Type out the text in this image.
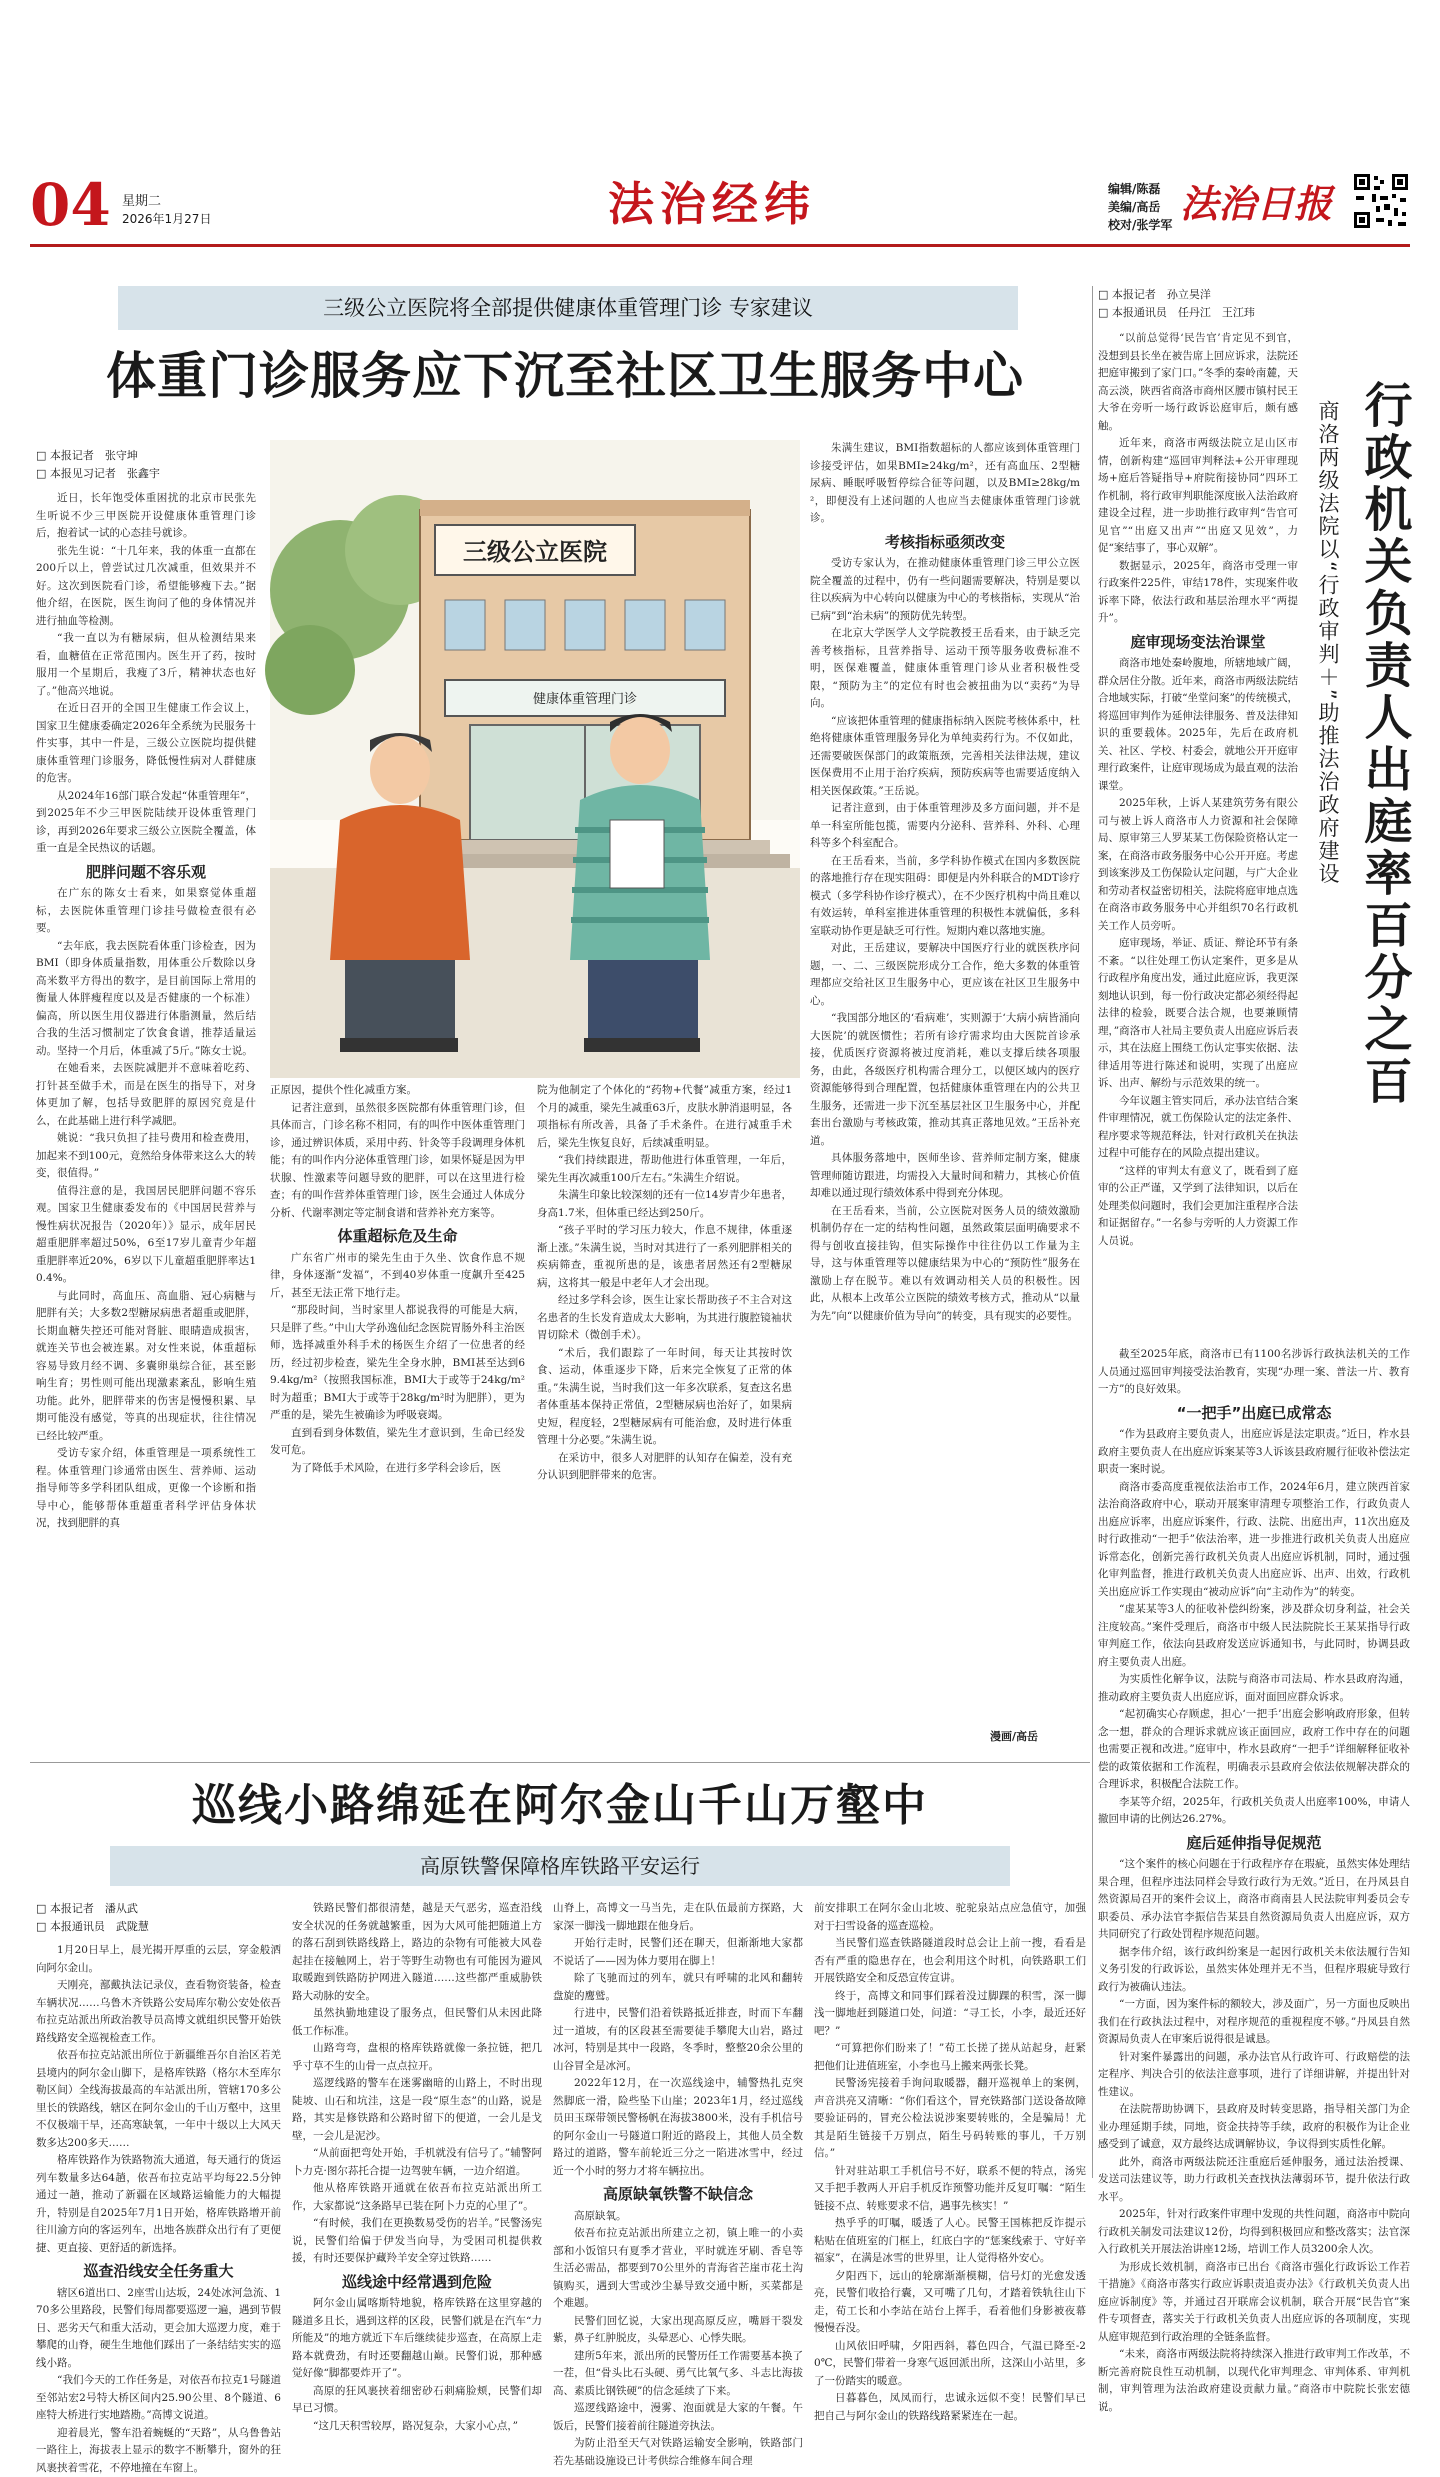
04 星期二
2026年1月27日	法治经纬	编辑/陈磊
美编/高岳
校对/张学军 法治日报
三级公立医院将全部提供健康体重管理门诊 专家建议
体重门诊服务应下沉至社区卫生服务中心
□ 本报记者　张守坤
□ 本报见习记者　张鑫宇

近日，长年饱受体重困扰的北京市民张先生听说不少三甲医院开设健康体重管理门诊后，抱着试一试的心态挂号就诊。

张先生说：“十几年来，我的体重一直都在200斤以上，曾尝试过几次减重，但效果并不好。这次到医院看门诊，希望能够瘦下去。”据他介绍，在医院，医生询问了他的身体情况并进行抽血等检测。

“我一直以为有糖尿病，但从检测结果来看，血糖值在正常范围内。医生开了药，按时服用一个星期后，我瘦了3斤，精神状态也好了。”他高兴地说。

在近日召开的全国卫生健康工作会议上，国家卫生健康委确定2026年全系统为民服务十件实事，其中一件是，三级公立医院均提供健康体重管理门诊服务，降低慢性病对人群健康的危害。

从2024年16部门联合发起“体重管理年”，到2025年不少三甲医院陆续开设体重管理门诊，再到2026年要求三级公立医院全覆盖，体重一直是全民热议的话题。

肥胖问题不容乐观

在广东的陈女士看来，如果察觉体重超标，去医院体重管理门诊挂号做检查很有必要。

“去年底，我去医院看体重门诊检查，因为BMI（即身体质量指数，用体重公斤数除以身高米数平方得出的数字，是目前国际上常用的衡量人体胖瘦程度以及是否健康的一个标准）偏高，所以医生用仪器进行体脂测量，然后结合我的生活习惯制定了饮食食谱，推荐适量运动。坚持一个月后，体重减了5斤。”陈女士说。

在她看来，去医院减肥并不意味着吃药、打针甚至做手术，而是在医生的指导下，对身体更加了解，包括导致肥胖的原因究竟是什么，在此基础上进行科学减肥。

姚说：“我只负担了挂号费用和检查费用，加起来不到100元，竟然给身体带来这么大的转变，很值得。”

值得注意的是，我国居民肥胖问题不容乐观。国家卫生健康委发布的《中国居民营养与慢性病状况报告（2020年）》显示，成年居民超重肥胖率超过50%，6至17岁儿童青少年超重肥胖率近20%，6岁以下儿童超重肥胖率达10.4%。

与此同时，高血压、高血脂、冠心病糖与肥胖有关；大多数2型糖尿病患者超重或肥胖，长期血糖失控还可能对肾脏、眼睛造成损害，就连关节也会被连累。对女性来说，体重超标容易导致月经不调、多囊卵巢综合征，甚至影响生育；男性则可能出现激素紊乱，影响生殖功能。此外，肥胖带来的伤害是慢慢积累、早期可能没有感觉，等真的出现症状，往往情况已经比较严重。

受访专家介绍，体重管理是一项系统性工程。体重管理门诊通常由医生、营养师、运动指导师等多学科团队组成，更像一个诊断和指导中心，能够帮体重超重者科学评估身体状况，找到肥胖的真

三级公立医院
健康体重管理门诊

正原因，提供个性化减重方案。

记者注意到，虽然很多医院都有体重管理门诊，但具体而言，门诊名称不相同，有的叫作中医体重管理门诊，通过辨识体质，采用中药、针灸等手段调理身体机能；有的叫作内分泌体重管理门诊，如果怀疑是因为甲状腺、性激素等问题导致的肥胖，可以在这里进行检查；有的叫作营养体重管理门诊，医生会通过人体成分分析、代谢率测定等定制食谱和营养补充方案等。

体重超标危及生命

广东省广州市的梁先生由于久坐、饮食作息不规律，身体逐渐“发福”，不到40岁体重一度飙升至425斤，甚至无法正常下地行走。

“那段时间，当时家里人都说我得的可能是大病，只是胖了些。”中山大学孙逸仙纪念医院胃肠外科主治医师，选择减重外科手术的杨医生介绍了一位患者的经历，经过初步检查，梁先生全身水肿，BMI甚至达到69.4kg/m²（按照我国标准，BMI大于或等于24kg/m²时为超重；BMI大于或等于28kg/m²时为肥胖），更为严重的是，梁先生被确诊为呼吸衰竭。

直到看到身体数值，梁先生才意识到，生命已经发发可危。

为了降低手术风险，在进行多学科会诊后，医

院为他制定了个体化的“药物+代餐”减重方案，经过1个月的减重，梁先生减重63斤，皮肤水肿消退明显，各项指标有所改善，具备了手术条件。在进行减重手术后，梁先生恢复良好，后续减重明显。

“我们持续跟进，帮助他进行体重管理，一年后，梁先生再次减重100斤左右。”朱满生介绍说。

朱满生印象比较深刻的还有一位14岁青少年患者，身高1.7米，但体重已经达到250斤。

“孩子平时的学习压力较大，作息不规律，体重逐渐上涨。”朱满生说，当时对其进行了一系列肥胖相关的疾病筛查，重视所患的是，该患者居然还有2型糖尿病，这将其一般是中老年人才会出现。

经过多学科会诊，医生让家长帮助孩子不主合对这名患者的生长发育造成太大影响，为其进行腹腔镜袖状胃切除术（微创手术）。

“术后，我们跟踪了一年时间，每天让其按时饮食、运动，体重逐步下降，后来完全恢复了正常的体重。”朱满生说，当时我们这一年多次联系，复查这名患者体重基本保持正常值，2型糖尿病也治好了，如果病史短，程度轻，2型糖尿病有可能治愈，及时进行体重管理十分必要。”朱满生说。

在采访中，很多人对肥胖的认知存在偏差，没有充分认识到肥胖带来的危害。

朱满生建议，BMI指数超标的人都应该到体重管理门诊接受评估，如果BMI≥24kg/m²，还有高血压、2型糖尿病、睡眠呼吸暂停综合征等问题，以及BMI≥28kg/m²，即便没有上述问题的人也应当去健康体重管理门诊就诊。

考核指标亟须改变

受访专家认为，在推动健康体重管理门诊三甲公立医院全覆盖的过程中，仍有一些问题需要解决，特别是要以往以疾病为中心转向以健康为中心的考核指标，实现从“治已病”到“治未病”的预防优先转型。

在北京大学医学人文学院教授王岳看来，由于缺乏完善考核指标，且营养指导、运动干预等服务收费标准不明，医保难覆盖，健康体重管理门诊从业者积极性受限，“预防为主”的定位有时也会被扭曲为以“卖药”为导向。

“应该把体重管理的健康指标纳入医院考核体系中，杜绝将健康体重管理服务异化为单纯卖药行为。不仅如此，还需要破医保部门的政策瓶颈，完善相关法律法规，建议医保费用不止用于治疗疾病，预防疾病等也需要适度纳入相关医保政策。”王岳说。

记者注意到，由于体重管理涉及多方面问题，并不是单一科室所能包揽，需要内分泌科、营养科、外科、心理科等多个科室配合。

在王岳看来，当前，多学科协作模式在国内多数医院的落地推行存在现实阻碍：即便是内外科联合的MDT诊疗模式（多学科协作诊疗模式），在不少医疗机构中尚且难以有效运转，单科室推进体重管理的积极性本就偏低，多科室联动协作更是缺乏可行性。短期内难以落地实施。

对此，王岳建议，要解决中国医疗行业的就医秩序问题，一、二、三级医院形成分工合作，绝大多数的体重管理都应交给社区卫生服务中心，更应该在社区卫生服务中心。

“我国部分地区的‘看病难’，实则源于‘大病小病皆涌向大医院’的就医惯性；若所有诊疗需求均由大医院首诊承接，优质医疗资源将被过度消耗，难以支撑后续各项服务，由此，各级医疗机构需合理分工，以便区域内的医疗资源能够得到合理配置，包括健康体重管理在内的公共卫生服务，还需进一步下沉至基层社区卫生服务中心，并配套出台激励与考核政策，推动其真正落地见效。”王岳补充道。

具体服务落地中，医师坐诊、营养师定制方案，健康管理师随访跟进，均需投入大量时间和精力，其核心价值却难以通过现行绩效体系中得到充分体现。

在王岳看来，当前，公立医院对医务人员的绩效激励机制仍存在一定的结构性问题，虽然政策层面明确要求不得与创收直接挂钩，但实际操作中往往仍以工作量为主导，这与体重管理等以健康结果为中心的“预防性”服务在激励上存在脱节。难以有效调动相关人员的积极性。因此，从根本上改革公立医院的绩效考核方式，推动从“以量为先”向“以健康价值为导向”的转变，具有现实的必要性。

漫画/高岳
巡线小路绵延在阿尔金山千山万壑中
高原铁警保障格库铁路平安运行
□ 本报记者　潘从武
□ 本报通讯员　武陇慧

1月20日早上，晨光揭开厚重的云层，穿金般洒向阿尔金山。

天刚亮，鄯戴执法记录仪，查看物资装备，检查车辆状况……乌鲁木齐铁路公安局库尔勒公安处依吾布拉克站派出所政治教导员高博文就组织民警开始铁路线路安全巡视检查工作。

依吾布拉克站派出所位于新疆维吾尔自治区若羌县境内的阿尔金山脚下，是格库铁路（格尔木至库尔勒区间）全线海拔最高的车站派出所，管辖170多公里长的铁路线，辖区在阿尔金山的千山万壑中，这里不仅极端干旱，还高寒缺氧，一年中十级以上大风天数多达200多天……

格库铁路作为铁路物流大通道，每天通行的货运列车数量多达64趟，依吾布拉克站平均每22.5分钟通过一趟，推动了新疆在区域路运输能力的大幅提升，特别是自2025年7月1日开始，格库铁路增开前往川渝方向的客运列车，出地各族群众出行有了更便捷、更直接、更舒适的新选择。

巡查沿线安全任务重大

辖区6道出口、2座雪山达坂，24处冰河急流、170多公里路段，民警们每周都要巡逻一遍，遇到节假日、恶劣天气和重大活动，更会加大巡逻力度，难于攀爬的山脊，硬生生地他们踩出了一条结结实实的巡线小路。

“我们今天的工作任务是，对依吾布拉克1号隧道至邻站宏2号特大桥区间内25.90公里、8个隧道、6座特大桥进行实地踏勘。”高博文说道。

迎着晨光，警车沿着蜿蜒的“天路”，从乌鲁鲁站一路往上，海拔表上显示的数字不断攀升，窗外的狂风裹挟着雪花，不停地撞在车窗上。

铁路民警们都很清楚，越是天气恶劣，巡查沿线安全状况的任务就越繁重，因为大风可能把随道上方的落石刮到铁路线路上，路边的杂物有可能被大风卷起挂在接触网上，岩于等野生动物也有可能因为避风取暖跑到铁路防护网进入隧道……这些都严重威胁铁路大动脉的安全。

虽然执勤地建设了服务点，但民警们从未因此降低工作标准。

山路弯弯，盘根的格库铁路就像一条拉链，把几乎寸草不生的山骨一点点拉开。

巡逻线路的警车在迷雾幽暗的山路上，不时出现陡坡、山石和坑洼，这是一段“原生态”的山路，说是路，其实是修铁路和公路时留下的便道，一会儿是戈壁，一会儿是泥沙。

“从前面把弯处开始，手机就没有信号了。”辅警阿卜力克·图尔荪托合提一边驾驶车辆，一边介绍道。

他从格库铁路开通就在依吾布拉克站派出所工作，大家都说“这条路早已装在阿卜力克的心里了”。

“有时候，我们在更换数易受伤的岩羊。”民警汤宪说，民警们给偏于伊发当向导，为受困司机提供救援，有时还要保护藏羚羊安全穿过铁路……

巡线途中经常遇到危险

阿尔金山属喀斯特地貌，格库铁路在这里穿越的隧道多且长，遇到这样的区段，民警们就是在汽车“力所能及”的地方就近下车后继续徒步巡查，在高原上走路本就费劲，有时还要翻越山巅。民警们说，那种感觉好像“脚都要炸开了”。

高原的狂风裹挟着细密砂石刺痛脸颊，民警们却早已习惯。

“这几天积雪较厚，路况复杂，大家小心点，”

山脊上，高博文一马当先，走在队伍最前方探路，大家深一脚浅一脚地跟在他身后。

开始行走时，民警们还在聊天，但渐渐地大家都不说话了——因为体力要用在脚上！

除了飞驰而过的列车，就只有呼啸的北风和翻转盘旋的鹰鹫。

行进中，民警们沿着铁路抵近排查，时而下车翻过一道坡，有的区段甚至需要徒手攀爬大山岩，路过冰河，特别是其中一段路，冬季时，整整20余公里的山谷冒全是冰河。

2022年12月，在一次巡线途中，辅警热扎克突然脚底一滑，险些坠下山崖；2023年1月，经过巡线员田玉琛带领民警杨帆在海拔3800米，没有手机信号的阿尔金山一号隧道口附近的路段上，其他人员全数路过的道路，警车前轮近三分之一陷进冰雪中，经过近一个小时的努力才将车辆拉出。

高原缺氧铁警不缺信念

高原缺氧。

依吾布拉克站派出所建立之初，镇上唯一的小卖部和小饭馆只有夏季才营业，平时就连牙刷、香皂等生活必需品，都要到70公里外的青海省芒崖市花土沟镇购买，遇到大雪或沙尘暴导致交通中断，买菜都是个难题。

民警们回忆说，大家出现高原反应，嘴唇干裂发紫，鼻子红肿脱皮，头晕恶心、心悸失眠。

建所5年来，派出所的民警历任工作需要基本换了一茬，但“骨头比石头硬、勇气比氧气多、斗志比海拔高、素质比钢铁硬”的信念延续了下来。

巡逻线路途中，漫雾、泡面就是大家的午餐。午饭后，民警们接着前往隧道旁执法。

为防止沿至天气对铁路运输安全影响，铁路部门若先基础设施设已计考供综合维修车间合理

前安排职工在阿尔金山北坡、驼驼泉站点应急值守，加强对于扫雪设备的巡查巡检。

当民警们巡查铁路隧道段时总会让上前一搜，看看是否有严重的隐患存在，也会利用这个时机，向铁路职工们开展铁路安全和反恐宣传宣讲。

终于，高博文和同事们踩着没过脚踝的积雪，深一脚浅一脚地赶到隧道口处，问道：“寻工长，小李，最近还好吧？”

“可算把你们盼来了！”荀工长搓了搓从站起身，赶紧把他们让进值班室，小李也马上搬来两张长凳。

民警汤宪接着手询问取暖器，翻开巡视单上的案例，声音洪亮又清晰：“你们看这个，冒充铁路部门送设备故障要验证码的，冒充公检法说涉案要转账的，全是骗局！尤其是陌生链接千万别点，陌生号码转账的事儿，千万别信。”

针对驻站职工手机信号不好，联系不便的特点，汤宪又手把手教两人开启手机反诈预警功能并反复叮嘱：“陌生链接不点、转账要求不信，遇事先核实！”

热乎乎的叮嘱，暖透了人心。民警王国栋把反诈提示粘贴在值班室的门框上，红底白字的“惩案线索于、守好辛福家”，在满是冰雪的世界里，让人觉得格外安心。

夕阳西下，远山的轮廓渐渐模糊，信号灯的光愈发透亮，民警们收拾行囊，又可嘴了几句，才踏着铁轨往山下走，荀工长和小李站在站台上挥手，看着他们身影被夜幕慢慢吞没。

山风依旧呼啸，夕阳西斜，暮色四合，气温已降至-20℃，民警们带着一身寒气返回派出所，这深山小站里，多了一份踏实的暖意。

日暮暮色，凤凤而行，忠诚永远似不变！民警们早已把自己与阿尔金山的铁路线路紧紧连在一起。

□ 本报记者　孙立昊洋
□ 本报通讯员　任丹江　王江玮
行政机关负责人出庭率百分之百
商洛两级法院以“行政审判＋”助推法治政府建设

“以前总觉得‘民告官’肯定见不到官，没想到县长坐在被告席上回应诉求，法院还把庭审搬到了家门口。”冬季的秦岭南麓，天高云淡，陕西省商洛市商州区腰市镇村民王大爷在旁听一场行政诉讼庭审后，颇有感触。

近年来，商洛市两级法院立足山区市情，创新构建“巡回审判释法+公开审理现场+庭后答疑指导+府院衔接协同”四环工作机制，将行政审判职能深度嵌入法治政府建设全过程，进一步助推行政审判“告官可见官”“出庭又出声”“出庭又见效”，力促“案结事了，事心双解”。

数据显示，2025年，商洛市受理一审行政案件225件，审结178件，实现案件收诉率下降，依法行政和基层治理水平“两提升”。

庭审现场变法治课堂

商洛市地处秦岭腹地，所辖地域广阔，群众居住分散。近年来，商洛市两级法院结合地域实际，打破“坐堂问案”的传统模式，将巡回审判作为延伸法律服务、普及法律知识的重要载体。2025年，先后在政府机关、社区、学校、村委会，就地公开开庭审理行政案件，让庭审现场成为最直观的法治课堂。

2025年秋，上诉人某建筑劳务有限公司与被上诉人商洛市人力资源和社会保障局、原审第三人罗某某工伤保险资格认定一案，在商洛市政务服务中心公开开庭。考虑到该案涉及工伤保险认定问题，与广大企业和劳动者权益密切相关，法院将庭审地点选在商洛市政务服务中心并组织70名行政机关工作人员旁听。

庭审现场，举证、质证、辩论环节有条不紊。“以往处理工伤认定案件，更多是从行政程序角度出发，通过此庭应诉，我更深刻地认识到，每一份行政决定都必须经得起法律的检验，既要合法合规，也要兼顾情理，”商洛市人社局主要负责人出庭应诉后表示，其在法庭上围绕工伤认定事实依据、法律适用等进行陈述和说明，实现了出庭应诉、出声、解纷与示范效果的统一。

今年议题主管实同后，承办法官结合案件审理情况，就工伤保险认定的法定条件、程序要求等规范释法，针对行政机关在执法过程中可能存在的风险点提出建议。

“这样的审判太有意义了，既看到了庭审的公正严谨，又学到了法律知识，以后在处理类似问题时，我们会更加注重程序合法和证据留存。”一名参与旁听的人力资源工作人员说。

截至2025年底，商洛市已有1100名涉诉行政执法机关的工作人员通过巡回审判接受法治教育，实现“办理一案、普法一片、教育一方”的良好效果。

“一把手”出庭已成常态

“作为县政府主要负责人，出庭应诉是法定职责。”近日，柞水县政府主要负责人在出庭应诉案某等3人诉该县政府履行征收补偿法定职责一案时说。

商洛市委高度重视依法治市工作，2024年6月，建立陕西首家法治商洛政府中心，联动开展案审清理专项整治工作，行政负责人出庭应诉率，出庭应诉案件，行政、法院、出庭出声，11次出庭及时行政推动“一把手”依法治率，进一步推进行政机关负责人出庭应诉常态化，创新完善行政机关负责人出庭应诉机制，同时，通过强化审判监督，推进行政机关负责人出庭应诉、出声、出效，行政机关出庭应诉工作实现由“被动应诉”向“主动作为”的转变。

“虚某某等3人的征收补偿纠纷案，涉及群众切身利益，社会关注度较高。”案件受理后，商洛市中级人民法院院长王某某指导行政审判庭工作，依法向县政府发送应诉通知书，与此同时，协调县政府主要负责人出庭。

为实质性化解争议，法院与商洛市司法局、柞水县政府沟通，推动政府主要负责人出庭应诉，面对面回应群众诉求。

“起初确实心存顾虑，担心‘一把手’出庭会影响政府形象，但转念一想，群众的合理诉求就应该正面回应，政府工作中存在的问题也需要正视和改进。”庭审中，柞水县政府“一把手”详细解释征收补偿的政策依据和工作流程，明确表示县政府会依法依规解决群众的合理诉求，积极配合法院工作。

李某等介绍，2025年，行政机关负责人出庭率100%，申请人撤回申请的比例达26.27%。

庭后延伸指导促规范

“这个案件的核心问题在于行政程序存在瑕疵，虽然实体处理结果合理，但程序违法同样会导致行政行为无效。”近日，在丹凤县自然资源局召开的案件会议上，商洛市商南县人民法院审判委员会专职委员、承办法官李振信告某县自然资源局负责人出庭应诉，双方共同研究了行政处罚程序规范问题。

据李伟介绍，该行政纠纷案是一起因行政机关未依法履行告知义务引发的行政诉讼，虽然实体处理并无不当，但程序瑕疵导致行政行为被确认违法。

“一方面，因为案件标的额较大，涉及面广，另一方面也反映出我们在行政执法过程中，对程序规范的重视程度不够。”丹凤县自然资源局负责人在审案后说得很是诚恳。

针对案件暴露出的问题，承办法官从行政许可、行政赔偿的法定程序、判决合引的依法注意事项，进行了详细讲解，并提出针对性建议。

在法院帮助协调下，县政府及时转变思路，指导相关部门为企业办理延期手续，同地，资金扶持等手续，政府的积极作为让企业感受到了诚意，双方最终达成调解协议，争议得到实质性化解。

此外，商洛市两级法院还注重庭后延伸服务，通过法治授课、发送司法建议等，助力行政机关查找执法薄弱环节，提升依法行政水平。

2025年，针对行政案件审理中发现的共性问题，商洛市中院向行政机关制发司法建议12份，均得到积极回应和整改落实；法官深入行政机关开展法治讲座12场，培训工作人员3200余人次。

为形成长效机制，商洛市已出台《商洛市强化行政诉讼工作若干措施》《商洛市落实行政应诉职责追责办法》《行政机关负责人出庭应诉制度》等，并通过召开联席会议机制，联合开展“民告官”案件专项督查，落实关于行政机关负责人出庭应诉的各项制度，实现从庭审规范到行政治理的全链条监督。

“未来，商洛市两级法院将持续深入推进行政审判工作改革，不断完善府院良性互动机制，以现代化审判理念、审判体系、审判机制，审判管理为法治政府建设贡献力量。”商洛市中院院长张宏德说。
